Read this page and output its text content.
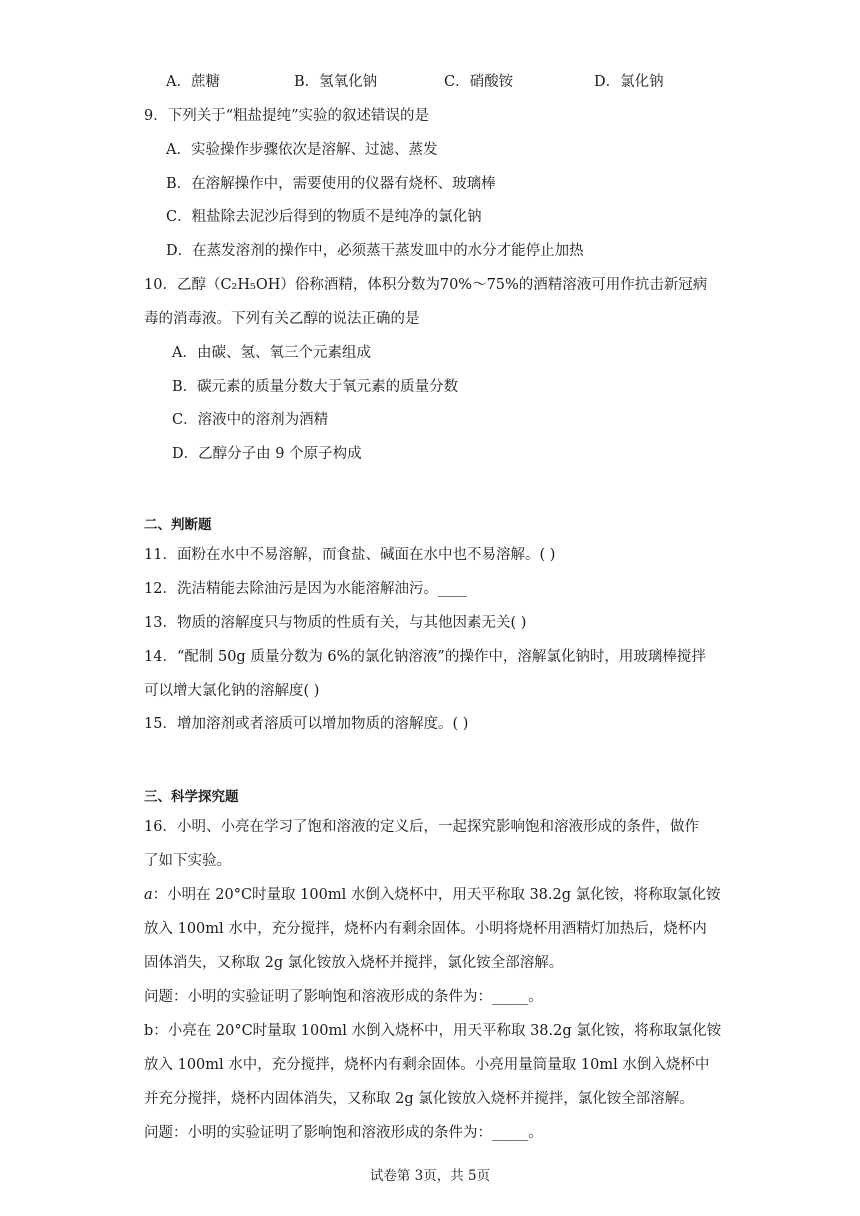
A．蔗糖	B．氢氧化钠	C．硝酸铵	D．氯化钠
9．下列关于“粗盐提纯”实验的叙述错误的是
A．实验操作步骤依次是溶解、过滤、蒸发
B．在溶解操作中，需要使用的仪器有烧杯、玻璃棒
C．粗盐除去泥沙后得到的物质不是纯净的氯化钠
D．在蒸发溶剂的操作中，必须蒸干蒸发皿中的水分才能停止加热
10．乙醇（C₂H₅OH）俗称酒精，体积分数为70%～75%的酒精溶液可用作抗击新冠病
毒的消毒液。下列有关乙醇的说法正确的是
A．由碳、氢、氧三个元素组成
B．碳元素的质量分数大于氧元素的质量分数
C．溶液中的溶剂为酒精
D．乙醇分子由 9 个原子构成
二、判断题
11．面粉在水中不易溶解，而食盐、碱面在水中也不易溶解。( )
12．洗洁精能去除油污是因为水能溶解油污。____
13．物质的溶解度只与物质的性质有关，与其他因素无关( )
14．“配制 50g 质量分数为 6%的氯化钠溶液”的操作中，溶解氯化钠时，用玻璃棒搅拌
可以增大氯化钠的溶解度( )
15．增加溶剂或者溶质可以增加物质的溶解度。( )
三、科学探究题
16．小明、小亮在学习了饱和溶液的定义后，一起探究影响饱和溶液形成的条件，做作
了如下实验。
a：小明在 20°C时量取 100ml 水倒入烧杯中，用天平称取 38.2g 氯化铵，将称取氯化铵
放入 100ml 水中，充分搅拌，烧杯内有剩余固体。小明将烧杯用酒精灯加热后，烧杯内
固体消失，又称取 2g 氯化铵放入烧杯并搅拌，氯化铵全部溶解。
问题：小明的实验证明了影响饱和溶液形成的条件为：_____。
b：小亮在 20°C时量取 100ml 水倒入烧杯中，用天平称取 38.2g 氯化铵，将称取氯化铵
放入 100ml 水中，充分搅拌，烧杯内有剩余固体。小亮用量筒量取 10ml 水倒入烧杯中
并充分搅拌，烧杯内固体消失，又称取 2g 氯化铵放入烧杯并搅拌，氯化铵全部溶解。
问题：小明的实验证明了影响饱和溶液形成的条件为：_____。
试卷第 3页，共 5页
